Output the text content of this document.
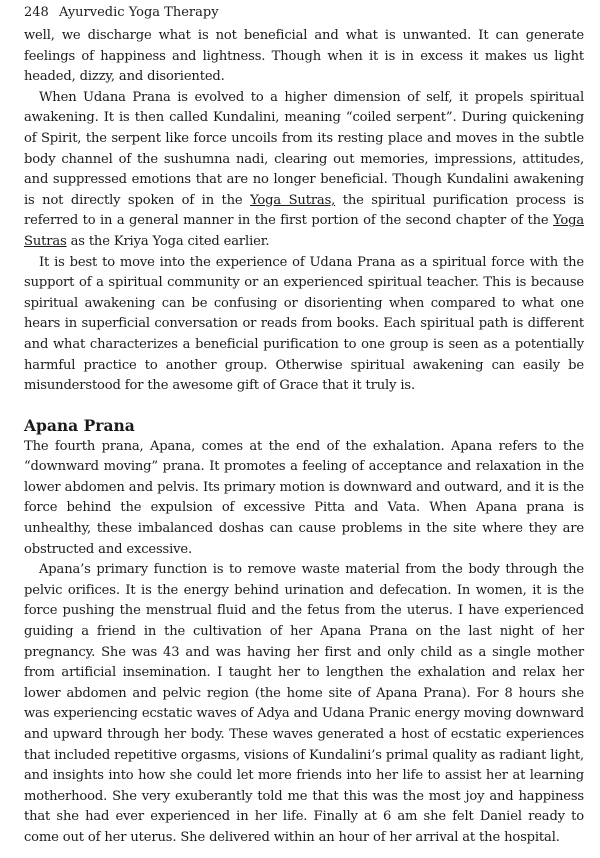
248 Ayurvedic Yoga Therapy

well, we discharge what is not beneficial and what is unwanted. It can generate feelings of happiness and lightness. Though when it is in excess it makes us light headed, dizzy, and disoriented.

When Udana Prana is evolved to a higher dimension of self, it propels spiritual awakening. It is then called Kundalini, meaning “coiled serpent”. During quickening of Spirit, the serpent like force uncoils from its resting place and moves in the subtle body channel of the sushumna nadi, clearing out memories, impressions, attitudes, and suppressed emotions that are no longer beneficial. Though Kundalini awakening is not directly spoken of in the Yoga Sutras, the spiritual purification process is referred to in a general manner in the first portion of the second chapter of the Yoga Sutras as the Kriya Yoga cited earlier.

It is best to move into the experience of Udana Prana as a spiritual force with the support of a spiritual community or an experienced spiritual teacher. This is because spiritual awakening can be confusing or disorienting when compared to what one hears in superficial conversation or reads from books. Each spiritual path is different and what characterizes a beneficial purification to one group is seen as a potentially harmful practice to another group. Otherwise spiritual awakening can easily be misunderstood for the awesome gift of Grace that it truly is.

Apana Prana

The fourth prana, Apana, comes at the end of the exhalation. Apana refers to the “downward moving” prana. It promotes a feeling of acceptance and relaxation in the lower abdomen and pelvis. Its primary motion is downward and outward, and it is the force behind the expulsion of excessive Pitta and Vata. When Apana prana is unhealthy, these imbalanced doshas can cause problems in the site where they are obstructed and excessive.

Apana’s primary function is to remove waste material from the body through the pelvic orifices. It is the energy behind urination and defecation. In women, it is the force pushing the menstrual fluid and the fetus from the uterus. I have experienced guiding a friend in the cultivation of her Apana Prana on the last night of her pregnancy. She was 43 and was having her first and only child as a single mother from artificial insemination. I taught her to lengthen the exhalation and relax her lower abdomen and pelvic region (the home site of Apana Prana). For 8 hours she was experiencing ecstatic waves of Adya and Udana Pranic energy moving downward and upward through her body. These waves generated a host of ecstatic experiences that included repetitive orgasms, visions of Kundalini’s primal quality as radiant light, and insights into how she could let more friends into her life to assist her at learning motherhood. She very exuberantly told me that this was the most joy and happiness that she had ever experienced in her life. Finally at 6 am she felt Daniel ready to come out of her uterus. She delivered within an hour of her arrival at the hospital.
